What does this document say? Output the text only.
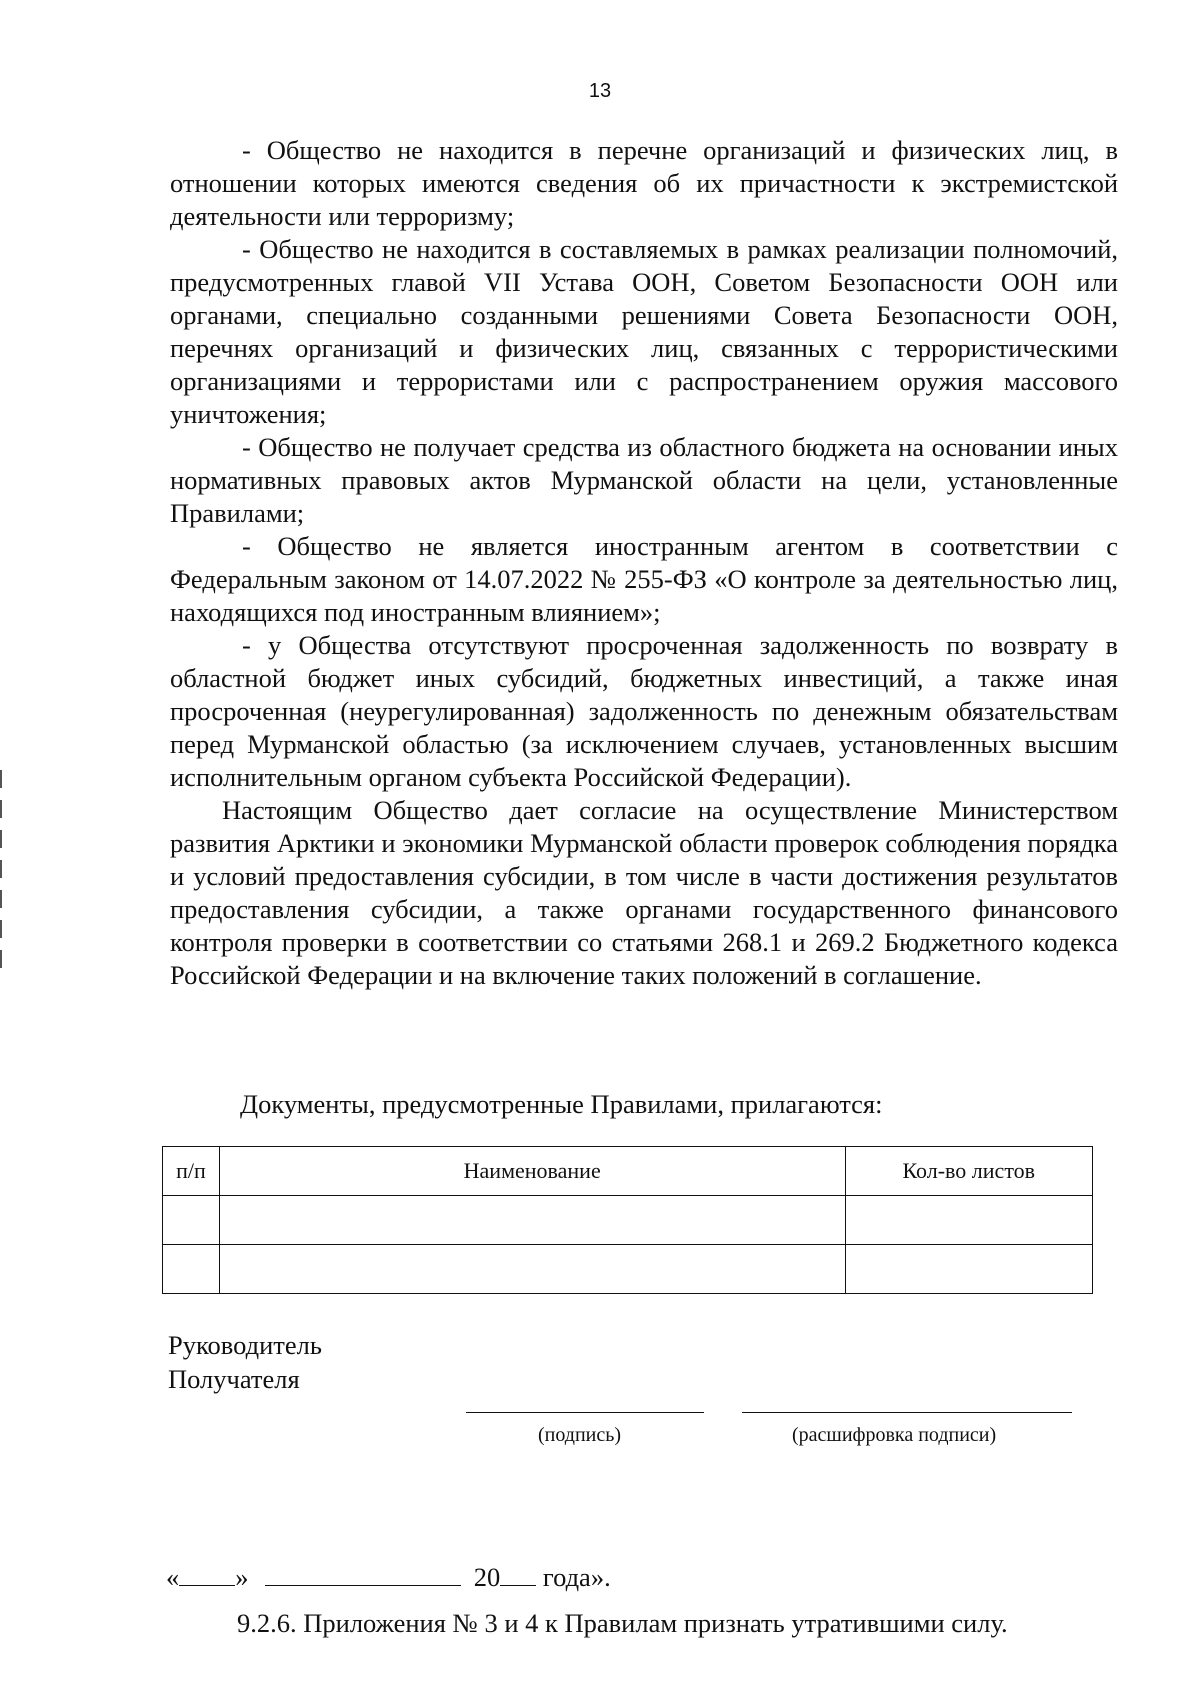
13

- Общество не находится в перечне организаций и физических лиц, в отношении которых имеются сведения об их причастности к экстремистской деятельности или терроризму;

- Общество не находится в составляемых в рамках реализации полномочий, предусмотренных главой VII Устава ООН, Советом Безопасности ООН или органами, специально созданными решениями Совета Безопасности ООН, перечнях организаций и физических лиц, связанных с террористическими организациями и террористами или с распространением оружия массового уничтожения;

- Общество не получает средства из областного бюджета на основании иных нормативных правовых актов Мурманской области на цели, установленные Правилами;

- Общество не является иностранным агентом в соответствии с Федеральным законом от 14.07.2022 № 255-ФЗ «О контроле за деятельностью лиц, находящихся под иностранным влиянием»;

- у Общества отсутствуют просроченная задолженность по возврату в областной бюджет иных субсидий, бюджетных инвестиций, а также иная просроченная (неурегулированная) задолженность по денежным обязательствам перед Мурманской областью (за исключением случаев, установленных высшим исполнительным органом субъекта Российской Федерации).

Настоящим Общество дает согласие на осуществление Министерством развития Арктики и экономики Мурманской области проверок соблюдения порядка и условий предоставления субсидии, в том числе в части достижения результатов предоставления субсидии, а также органами государственного финансового контроля проверки в соответствии со статьями 268.1 и 269.2 Бюджетного кодекса Российской Федерации и на включение таких положений в соглашение.

Документы, предусмотренные Правилами, прилагаются:
п/п	Наименование	Кол-во листов

Руководитель
Получателя
(подпись)	(расшифровка подписи)
« »	20 года».
9.2.6. Приложения № 3 и 4 к Правилам признать утратившими силу.
